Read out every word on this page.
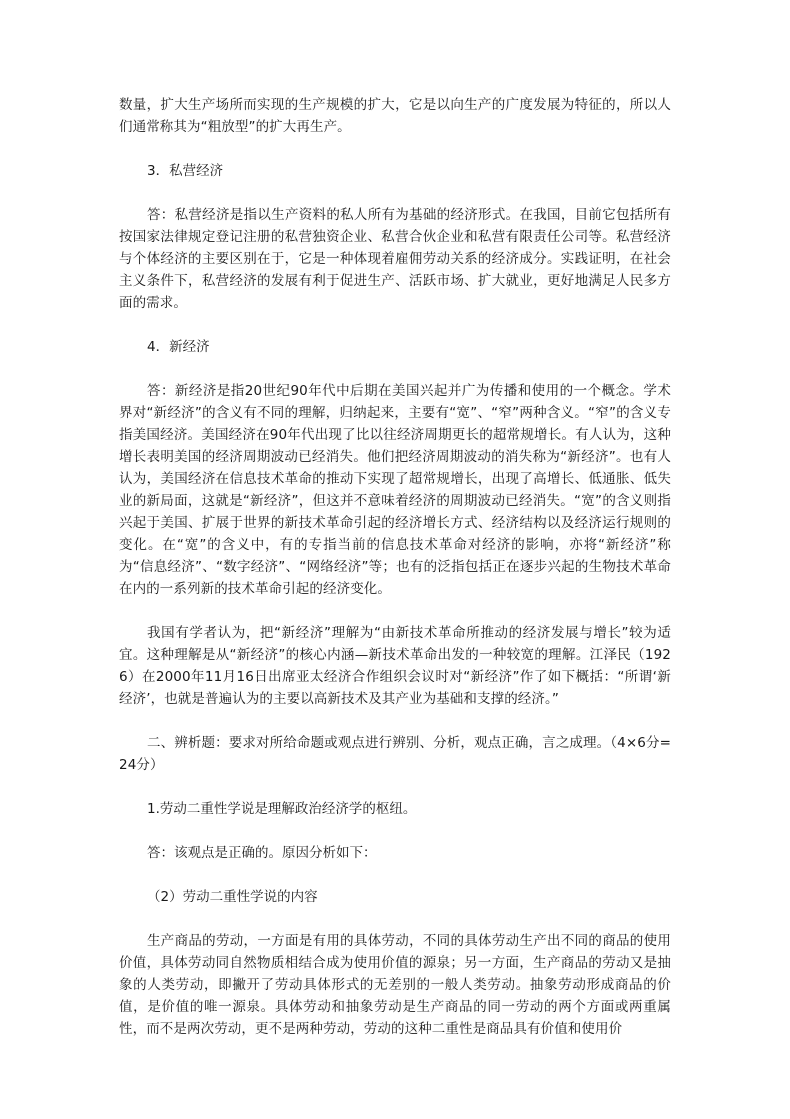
数量，扩大生产场所而实现的生产规模的扩大，它是以向生产的广度发展为特征的，所以人们通常称其为“粗放型”的扩大再生产。

3．私营经济

答：私营经济是指以生产资料的私人所有为基础的经济形式。在我国，目前它包括所有按国家法律规定登记注册的私营独资企业、私营合伙企业和私营有限责任公司等。私营经济与个体经济的主要区别在于，它是一种体现着雇佣劳动关系的经济成分。实践证明，在社会主义条件下，私营经济的发展有利于促进生产、活跃市场、扩大就业，更好地满足人民多方面的需求。

4．新经济

答：新经济是指20世纪90年代中后期在美国兴起并广为传播和使用的一个概念。学术界对“新经济”的含义有不同的理解，归纳起来，主要有“宽”、“窄”两种含义。“窄”的含义专指美国经济。美国经济在90年代出现了比以往经济周期更长的超常规增长。有人认为，这种增长表明美国的经济周期波动已经消失。他们把经济周期波动的消失称为“新经济”。也有人认为，美国经济在信息技术革命的推动下实现了超常规增长，出现了高增长、低通胀、低失业的新局面，这就是“新经济”，但这并不意味着经济的周期波动已经消失。“宽”的含义则指兴起于美国、扩展于世界的新技术革命引起的经济增长方式、经济结构以及经济运行规则的变化。在“宽”的含义中，有的专指当前的信息技术革命对经济的影响，亦将“新经济”称为“信息经济”、“数字经济”、“网络经济”等；也有的泛指包括正在逐步兴起的生物技术革命在内的一系列新的技术革命引起的经济变化。

我国有学者认为，把“新经济”理解为“由新技术革命所推动的经济发展与增长”较为适宜。这种理解是从“新经济”的核心内涵—新技术革命出发的一种较宽的理解。江泽民（1926）在2000年11月16日出席亚太经济合作组织会议时对“新经济”作了如下概括：“所谓‘新经济’，也就是普遍认为的主要以高新技术及其产业为基础和支撑的经济。”

二、辨析题：要求对所给命题或观点进行辨别、分析，观点正确，言之成理。（4×6分=24分）

1.劳动二重性学说是理解政治经济学的枢纽。

答：该观点是正确的。原因分析如下：

（2）劳动二重性学说的内容

生产商品的劳动，一方面是有用的具体劳动，不同的具体劳动生产出不同的商品的使用价值，具体劳动同自然物质相结合成为使用价值的源泉；另一方面，生产商品的劳动又是抽象的人类劳动，即撇开了劳动具体形式的无差别的一般人类劳动。抽象劳动形成商品的价值，是价值的唯一源泉。具体劳动和抽象劳动是生产商品的同一劳动的两个方面或两重属性，而不是两次劳动，更不是两种劳动，劳动的这种二重性是商品具有价值和使用价
